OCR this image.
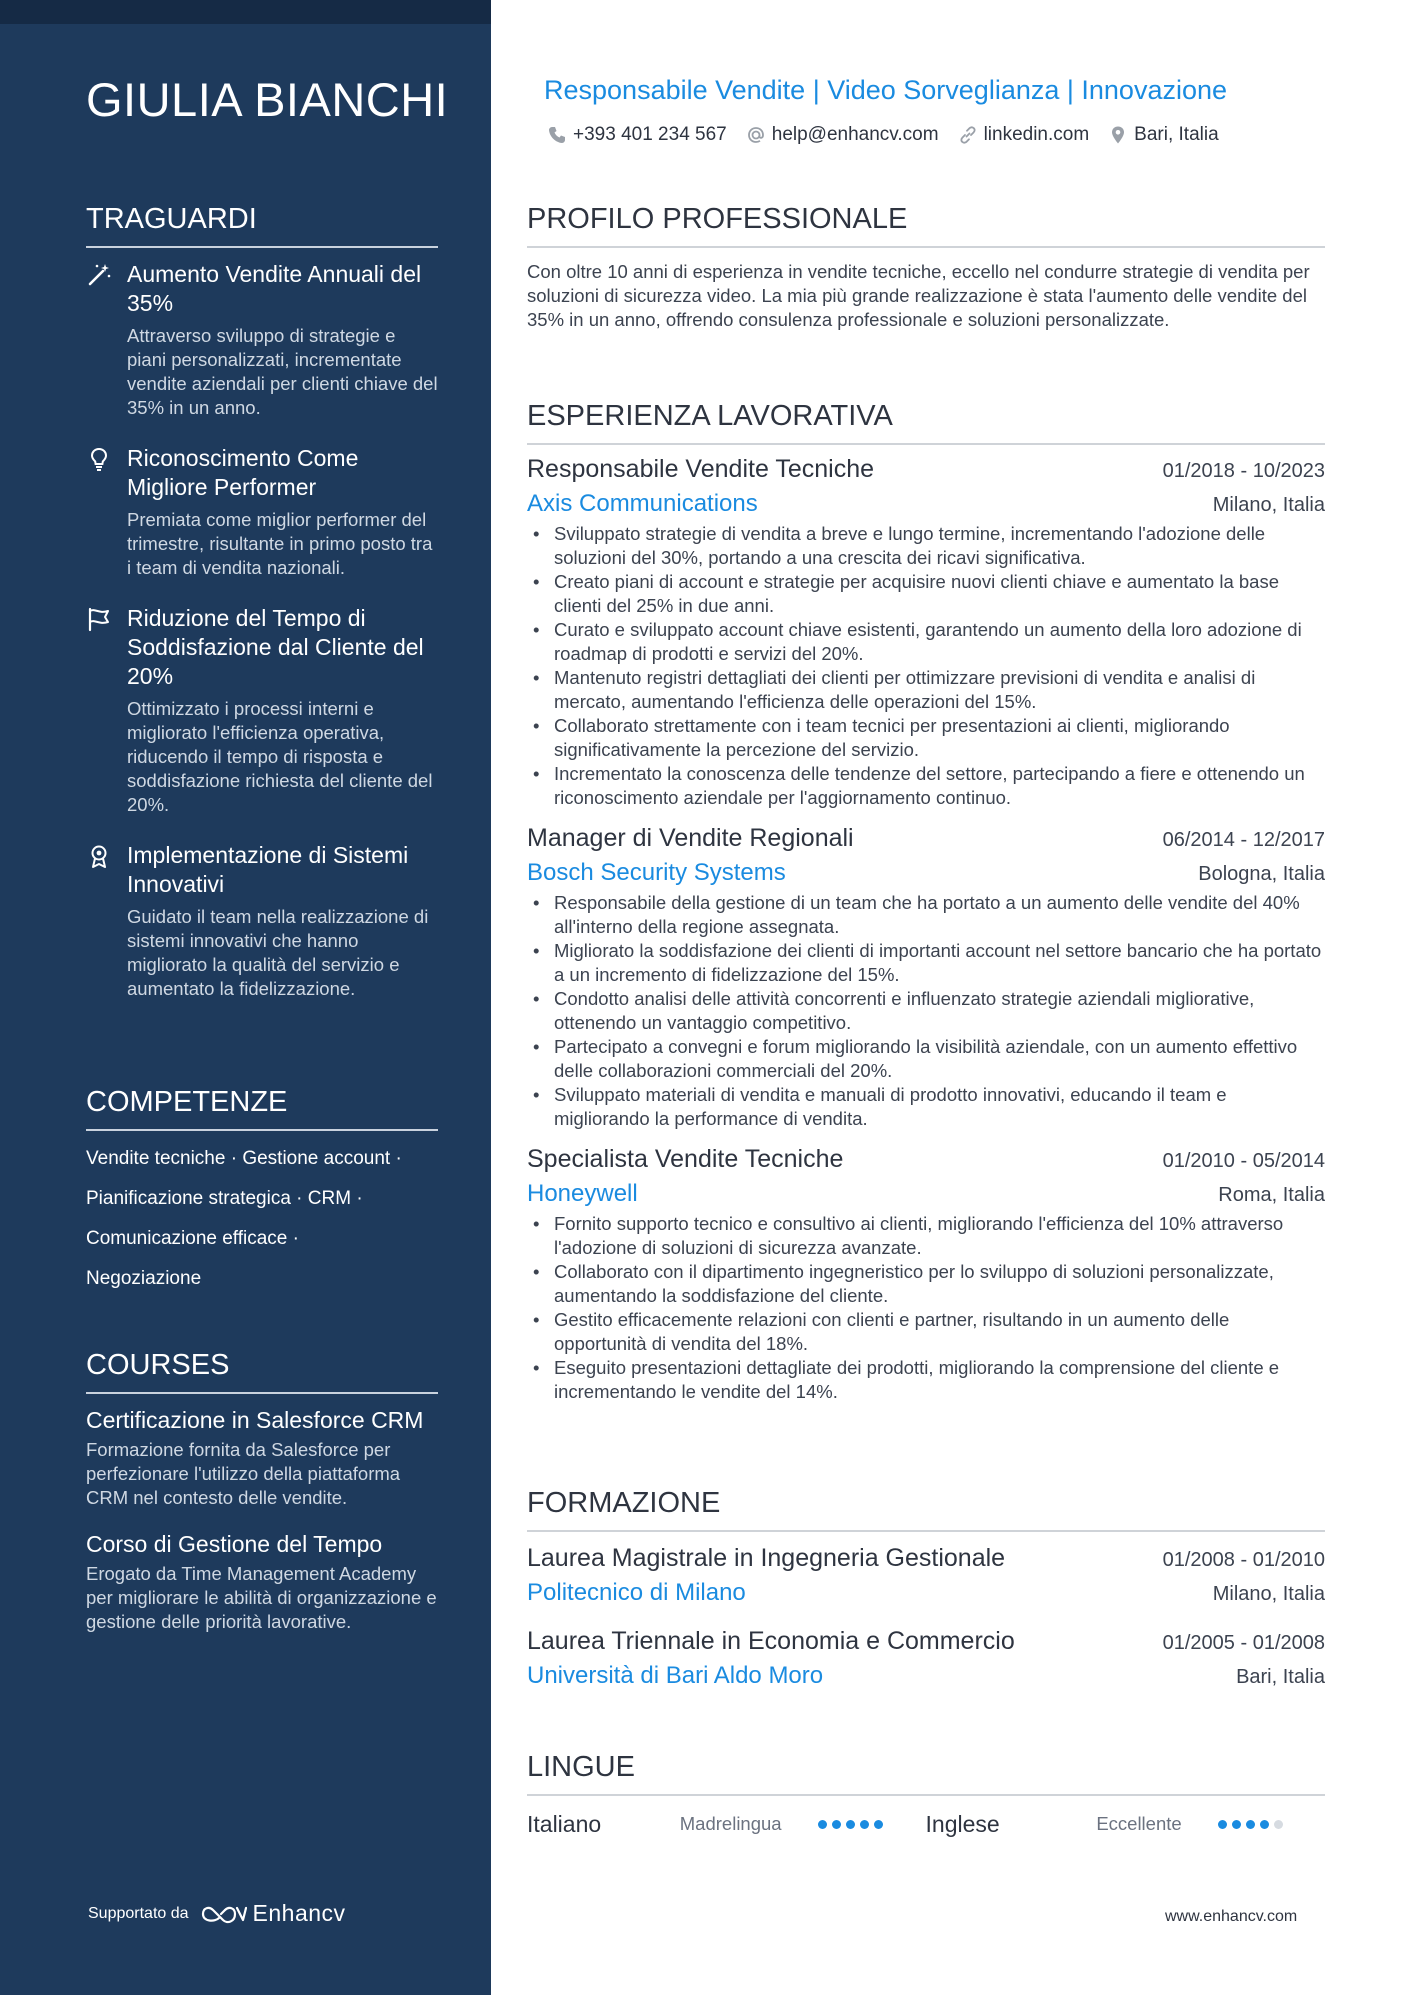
GIULIA BIANCHI
TRAGUARDI
Aumento Vendite Annuali del 35%
Attraverso sviluppo di strategie e piani personalizzati, incrementate vendite aziendali per clienti chiave del 35% in un anno.
Riconoscimento Come Migliore Performer
Premiata come miglior performer del trimestre, risultante in primo posto tra i team di vendita nazionali.
Riduzione del Tempo di Soddisfazione dal Cliente del 20%
Ottimizzato i processi interni e migliorato l'efficienza operativa, riducendo il tempo di risposta e soddisfazione richiesta del cliente del 20%.
Implementazione di Sistemi Innovativi
Guidato il team nella realizzazione di sistemi innovativi che hanno migliorato la qualità del servizio e aumentato la fidelizzazione.
COMPETENZE
Vendite tecniche · Gestione account ·
Pianificazione strategica · CRM ·
Comunicazione efficace ·
Negoziazione
COURSES
Certificazione in Salesforce CRM
Formazione fornita da Salesforce per perfezionare l'utilizzo della piattaforma CRM nel contesto delle vendite.
Corso di Gestione del Tempo
Erogato da Time Management Academy per migliorare le abilità di organizzazione e gestione delle priorità lavorative.
Supportato da	Enhancv
Responsabile Vendite | Video Sorveglianza | Innovazione
+393 401 234 567 help@enhancv.com linkedin.com Bari, Italia
PROFILO PROFESSIONALE
Con oltre 10 anni di esperienza in vendite tecniche, eccello nel condurre strategie di vendita per soluzioni di sicurezza video. La mia più grande realizzazione è stata l'aumento delle vendite del 35% in un anno, offrendo consulenza professionale e soluzioni personalizzate.
ESPERIENZA LAVORATIVA
Responsabile Vendite Tecniche	01/2018 - 10/2023
Axis Communications	Milano, Italia
• Sviluppato strategie di vendita a breve e lungo termine, incrementando l'adozione delle soluzioni del 30%, portando a una crescita dei ricavi significativa.
• Creato piani di account e strategie per acquisire nuovi clienti chiave e aumentato la base clienti del 25% in due anni.
• Curato e sviluppato account chiave esistenti, garantendo un aumento della loro adozione di roadmap di prodotti e servizi del 20%.
• Mantenuto registri dettagliati dei clienti per ottimizzare previsioni di vendita e analisi di mercato, aumentando l'efficienza delle operazioni del 15%.
• Collaborato strettamente con i team tecnici per presentazioni ai clienti, migliorando significativamente la percezione del servizio.
• Incrementato la conoscenza delle tendenze del settore, partecipando a fiere e ottenendo un riconoscimento aziendale per l'aggiornamento continuo.
Manager di Vendite Regionali	06/2014 - 12/2017
Bosch Security Systems	Bologna, Italia
• Responsabile della gestione di un team che ha portato a un aumento delle vendite del 40% all'interno della regione assegnata.
• Migliorato la soddisfazione dei clienti di importanti account nel settore bancario che ha portato a un incremento di fidelizzazione del 15%.
• Condotto analisi delle attività concorrenti e influenzato strategie aziendali migliorative, ottenendo un vantaggio competitivo.
• Partecipato a convegni e forum migliorando la visibilità aziendale, con un aumento effettivo delle collaborazioni commerciali del 20%.
• Sviluppato materiali di vendita e manuali di prodotto innovativi, educando il team e migliorando la performance di vendita.
Specialista Vendite Tecniche	01/2010 - 05/2014
Honeywell	Roma, Italia
• Fornito supporto tecnico e consultivo ai clienti, migliorando l'efficienza del 10% attraverso l'adozione di soluzioni di sicurezza avanzate.
• Collaborato con il dipartimento ingegneristico per lo sviluppo di soluzioni personalizzate, aumentando la soddisfazione del cliente.
• Gestito efficacemente relazioni con clienti e partner, risultando in un aumento delle opportunità di vendita del 18%.
• Eseguito presentazioni dettagliate dei prodotti, migliorando la comprensione del cliente e incrementando le vendite del 14%.
FORMAZIONE
Laurea Magistrale in Ingegneria Gestionale	01/2008 - 01/2010
Politecnico di Milano	Milano, Italia
Laurea Triennale in Economia e Commercio	01/2005 - 01/2008
Università di Bari Aldo Moro	Bari, Italia
LINGUE
Italiano	Madrelingua	Inglese	Eccellente
www.enhancv.com
